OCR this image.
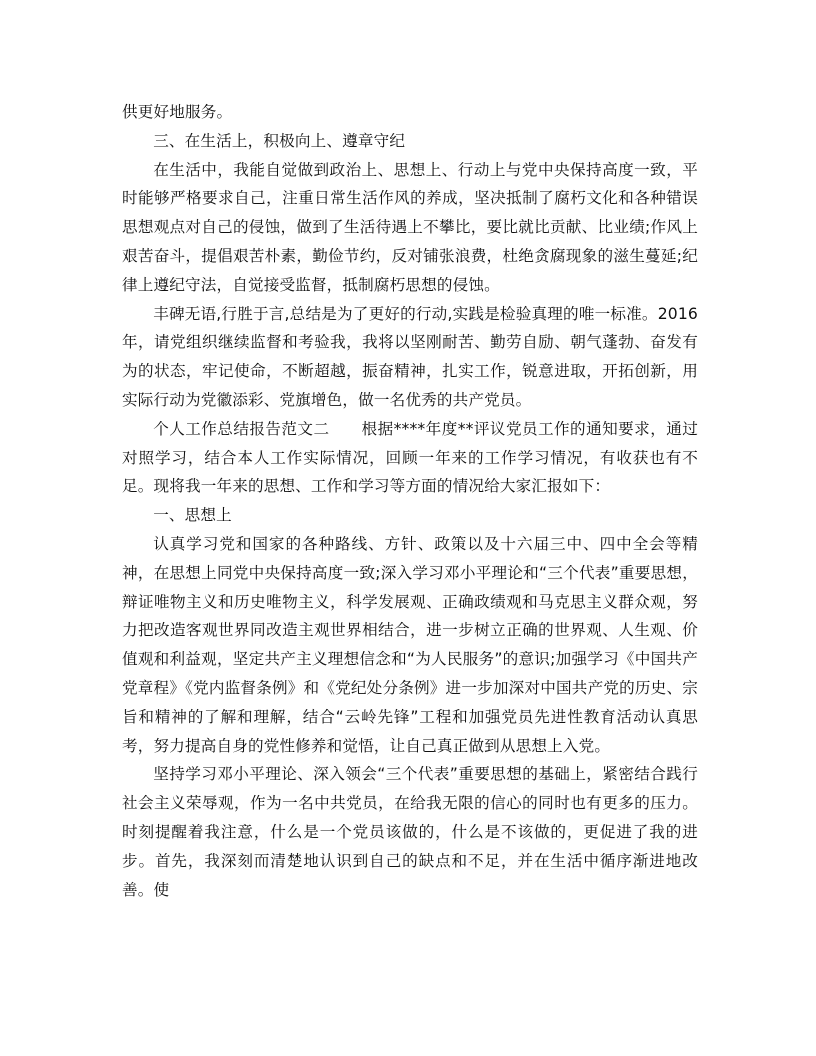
供更好地服务。

三、在生活上，积极向上、遵章守纪

在生活中，我能自觉做到政治上、思想上、行动上与党中央保持高度一致，平时能够严格要求自己，注重日常生活作风的养成，坚决抵制了腐朽文化和各种错误思想观点对自己的侵蚀，做到了生活待遇上不攀比，要比就比贡献、比业绩;作风上艰苦奋斗，提倡艰苦朴素，勤俭节约，反对铺张浪费，杜绝贪腐现象的滋生蔓延;纪律上遵纪守法，自觉接受监督，抵制腐朽思想的侵蚀。

丰碑无语,行胜于言,总结是为了更好的行动,实践是检验真理的唯一标准。2016年，请党组织继续监督和考验我，我将以坚刚耐苦、勤劳自励、朝气蓬勃、奋发有为的状态，牢记使命，不断超越，振奋精神，扎实工作，锐意进取，开拓创新，用实际行动为党徽添彩、党旗增色，做一名优秀的共产党员。

个人工作总结报告范文二　　根据****年度**评议党员工作的通知要求，通过对照学习，结合本人工作实际情况，回顾一年来的工作学习情况，有收获也有不足。现将我一年来的思想、工作和学习等方面的情况给大家汇报如下：

一、思想上

认真学习党和国家的各种路线、方针、政策以及十六届三中、四中全会等精神，在思想上同党中央保持高度一致;深入学习邓小平理论和“三个代表”重要思想，辩证唯物主义和历史唯物主义，科学发展观、正确政绩观和马克思主义群众观，努力把改造客观世界同改造主观世界相结合，进一步树立正确的世界观、人生观、价值观和利益观，坚定共产主义理想信念和“为人民服务”的意识;加强学习《中国共产党章程》《党内监督条例》和《党纪处分条例》进一步加深对中国共产党的历史、宗旨和精神的了解和理解，结合“云岭先锋”工程和加强党员先进性教育活动认真思考，努力提高自身的党性修养和觉悟，让自己真正做到从思想上入党。

坚持学习邓小平理论、深入领会“三个代表”重要思想的基础上，紧密结合践行社会主义荣辱观，作为一名中共党员，在给我无限的信心的同时也有更多的压力。时刻提醒着我注意，什么是一个党员该做的，什么是不该做的，更促进了我的进步。首先，我深刻而清楚地认识到自己的缺点和不足，并在生活中循序渐进地改善。使
